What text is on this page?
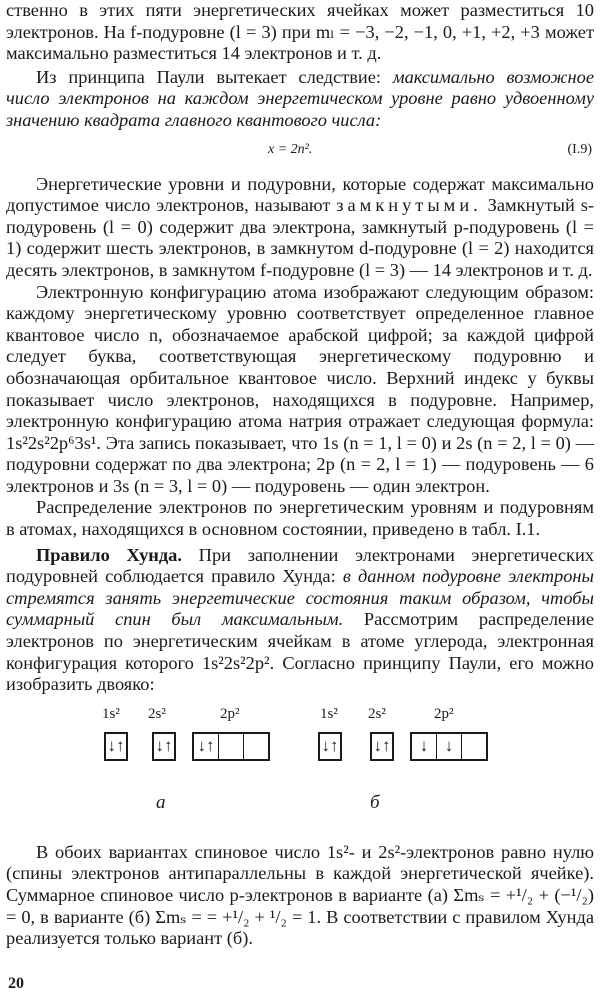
ственно в этих пяти энергетических ячейках может разместиться 10 электронов. На f-подуровне (l = 3) при mₗ = −3, −2, −1, 0, +1, +2, +3 может максимально разместиться 14 электронов и т. д.

Из принципа Паули вытекает следствие: максимально возможное число электронов на каждом энергетическом уровне равно удвоенному значению квадрата главного квантового числа:

x = 2n².	(I.9)

Энергетические уровни и подуровни, которые содержат максимально допустимое число электронов, называют замкнутыми. Замкнутый s-подуровень (l = 0) содержит два электрона, замкнутый p-подуровень (l = 1) содержит шесть электронов, в замкнутом d-подуровне (l = 2) находится десять электронов, в замкнутом f-подуровне (l = 3) — 14 электронов и т. д.

Электронную конфигурацию атома изображают следующим образом: каждому энергетическому уровню соответствует определенное главное квантовое число n, обозначаемое арабской цифрой; за каждой цифрой следует буква, соответствующая энергетическому подуровню и обозначающая орбитальное квантовое число. Верхний индекс у буквы показывает число электронов, находящихся в подуровне. Например, электронную конфигурацию атома натрия отражает следующая формула: 1s²2s²2p⁶3s¹. Эта запись показывает, что 1s (n = 1, l = 0) и 2s (n = 2, l = 0) — подуровни содержат по два электрона; 2p (n = 2, l = 1) — подуровень — 6 электронов и 3s (n = 3, l = 0) — подуровень — один электрон.

Распределение электронов по энергетическим уровням и подуровням в атомах, находящихся в основном состоянии, приведено в табл. I.1.

Правило Хунда. При заполнении электронами энергетических подуровней соблюдается правило Хунда: в данном подуровне электроны стремятся занять энергетические состояния таким образом, чтобы суммарный спин был максимальным. Рассмотрим распределение электронов по энергетическим ячейкам в атоме углерода, электронная конфигурация которого 1s²2s²2p². Согласно принципу Паули, его можно изобразить двояко:

1s² 2s²	2p²
↓↑ ↓↑ ↓↑
а
1s² 2s²	2p²
↓↑ ↓↑	↓ ↓
б

В обоих вариантах спиновое число 1s²- и 2s²-электронов равно нулю (спины электронов антипараллельны в каждой энергетической ячейке). Суммарное спиновое число p-электронов в варианте (а) Σmₛ = +¹/₂ + (−¹/₂) = 0, в варианте (б) Σmₛ = = +¹/₂ + ¹/₂ = 1. В соответствии с правилом Хунда реализуется только вариант (б).

20
